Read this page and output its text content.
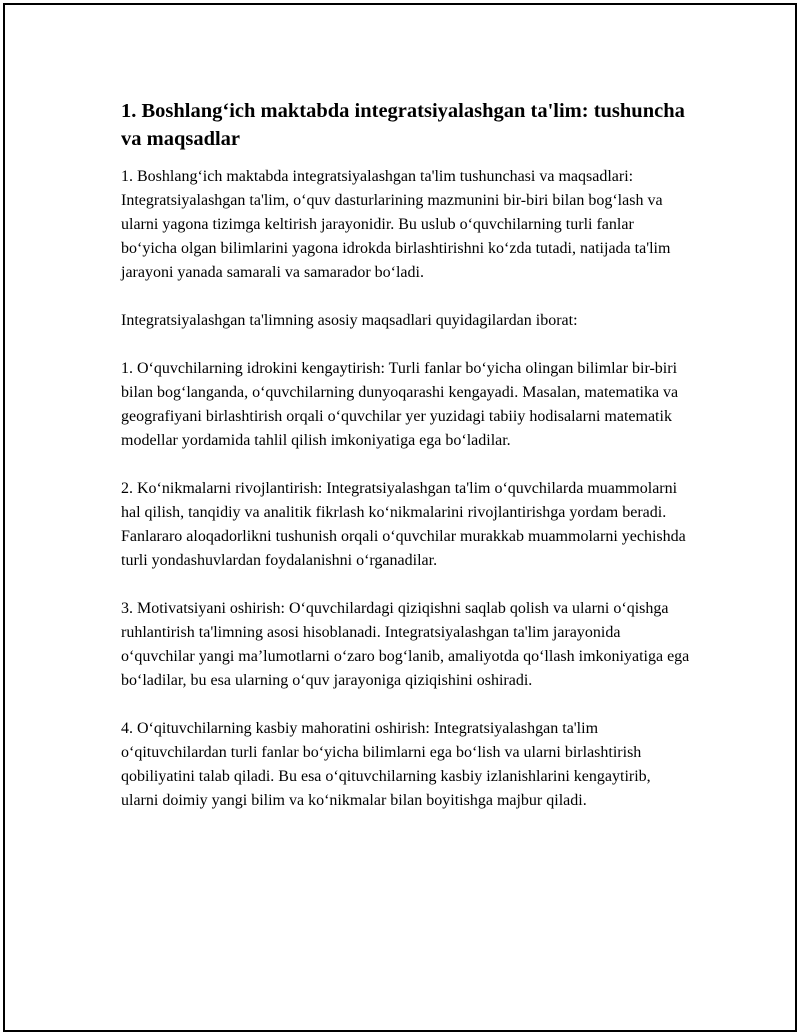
1. Boshlang‘ich maktabda integratsiyalashgan ta'lim: tushuncha va maqsadlar

1. Boshlang‘ich maktabda integratsiyalashgan ta'lim tushunchasi va maqsadlari: Integratsiyalashgan ta'lim, o‘quv dasturlarining mazmunini bir-biri bilan bog‘lash va ularni yagona tizimga keltirish jarayonidir. Bu uslub o‘quvchilarning turli fanlar bo‘yicha olgan bilimlarini yagona idrokda birlashtirishni ko‘zda tutadi, natijada ta'lim jarayoni yanada samarali va samarador bo‘ladi.

Integratsiyalashgan ta'limning asosiy maqsadlari quyidagilardan iborat:

1. O‘quvchilarning idrokini kengaytirish: Turli fanlar bo‘yicha olingan bilimlar bir-biri bilan bog‘langanda, o‘quvchilarning dunyoqarashi kengayadi. Masalan, matematika va geografiyani birlashtirish orqali o‘quvchilar yer yuzidagi tabiiy hodisalarni matematik modellar yordamida tahlil qilish imkoniyatiga ega bo‘ladilar.

2. Ko‘nikmalarni rivojlantirish: Integratsiyalashgan ta'lim o‘quvchilarda muammolarni hal qilish, tanqidiy va analitik fikrlash ko‘nikmalarini rivojlantirishga yordam beradi. Fanlararo aloqadorlikni tushunish orqali o‘quvchilar murakkab muammolarni yechishda turli yondashuvlardan foydalanishni o‘rganadilar.

3. Motivatsiyani oshirish: O‘quvchilardagi qiziqishni saqlab qolish va ularni o‘qishga ruhlantirish ta'limning asosi hisoblanadi. Integratsiyalashgan ta'lim jarayonida o‘quvchilar yangi ma’lumotlarni o‘zaro bog‘lanib, amaliyotda qo‘llash imkoniyatiga ega bo‘ladilar, bu esa ularning o‘quv jarayoniga qiziqishini oshiradi.

4. O‘qituvchilarning kasbiy mahoratini oshirish: Integratsiyalashgan ta'lim o‘qituvchilardan turli fanlar bo‘yicha bilimlarni ega bo‘lish va ularni birlashtirish qobiliyatini talab qiladi. Bu esa o‘qituvchilarning kasbiy izlanishlarini kengaytirib, ularni doimiy yangi bilim va ko‘nikmalar bilan boyitishga majbur qiladi.
